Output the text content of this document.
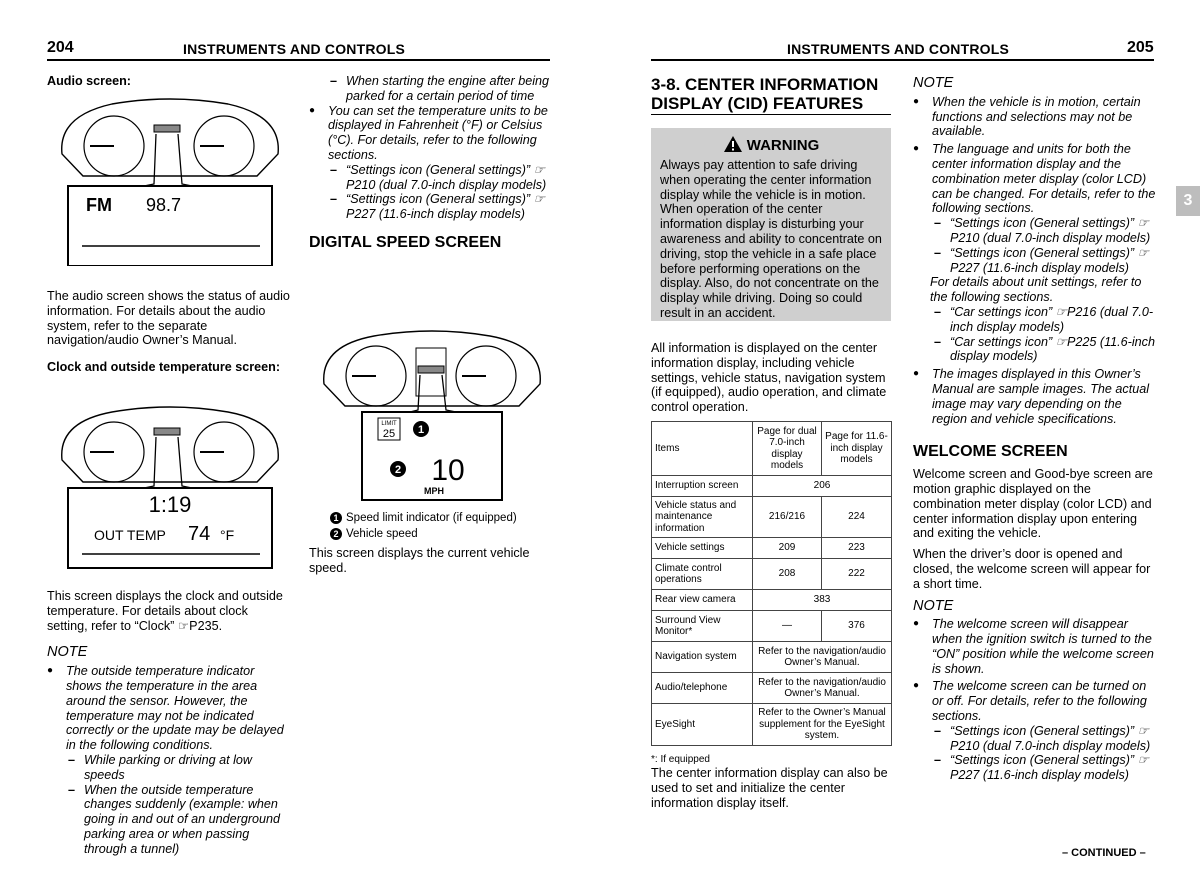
204	INSTRUMENTS AND CONTROLS
Audio screen:
FM 98.7
The audio screen shows the status of audio information. For details about the audio system, refer to the separate navigation/audio Owner’s Manual.
Clock and outside temperature screen:
1:19
OUT TEMP 74 °F
This screen displays the clock and outside temperature. For details about clock setting, refer to “Clock” ☞P235.
NOTE
● The outside temperature indicator shows the temperature in the area around the sensor. However, the temperature may not be indicated correctly or the update may be delayed in the following conditions.
– While parking or driving at low speeds
– When the outside temperature changes suddenly (example: when going in and out of an underground parking area or when passing through a tunnel)
– When starting the engine after being parked for a certain period of time
● You can set the temperature units to be displayed in Fahrenheit (°F) or Celsius (°C). For details, refer to the following sections.
– “Settings icon (General settings)” ☞P210 (dual 7.0-inch display models)
– “Settings icon (General settings)” ☞P227 (11.6-inch display models)
DIGITAL SPEED SCREEN
LIMIT
25 1
2 10
MPH
1 Speed limit indicator (if equipped)
2 Vehicle speed
This screen displays the current vehicle speed.
INSTRUMENTS AND CONTROLS	205
3-8. CENTER INFORMATION DISPLAY (CID) FEATURES
WARNING
Always pay attention to safe driving when operating the center information display while the vehicle is in motion. When operation of the center information display is disturbing your awareness and ability to concentrate on driving, stop the vehicle in a safe place before performing operations on the display. Also, do not concentrate on the display while driving. Doing so could result in an accident.
All information is displayed on the center information display, including vehicle settings, vehicle status, navigation system (if equipped), audio operation, and climate control operation.
Items	Page for dual 7.0-inch display models	Page for 11.6-inch display models
Interruption screen	206	
Vehicle status and maintenance information	216/216	224
Vehicle settings	209	223
Climate control operations	208	222
Rear view camera	383	
Surround View Monitor*	—	376
Navigation system	Refer to the navigation/audio Owner’s Manual.	
Audio/telephone	Refer to the navigation/audio Owner’s Manual.	
EyeSight	Refer to the Owner’s Manual supplement for the EyeSight system.	
*: If equipped
The center information display can also be used to set and initialize the center information display itself.
NOTE
● When the vehicle is in motion, certain functions and selections may not be available.
● The language and units for both the center information display and the combination meter display (color LCD) can be changed. For details, refer to the following sections.
– “Settings icon (General settings)” ☞P210 (dual 7.0-inch display models)
– “Settings icon (General settings)” ☞P227 (11.6-inch display models)
For details about unit settings, refer to the following sections.
– “Car settings icon” ☞P216 (dual 7.0-inch display models)
– “Car settings icon” ☞P225 (11.6-inch display models)
● The images displayed in this Owner’s Manual are sample images. The actual image may vary depending on the region and vehicle specifications.
WELCOME SCREEN
Welcome screen and Good-bye screen are motion graphic displayed on the combination meter display (color LCD) and center information display upon entering and exiting the vehicle.
When the driver’s door is opened and closed, the welcome screen will appear for a short time.
NOTE
● The welcome screen will disappear when the ignition switch is turned to the “ON” position while the welcome screen is shown.
● The welcome screen can be turned on or off. For details, refer to the following sections.
– “Settings icon (General settings)” ☞P210 (dual 7.0-inch display models)
– “Settings icon (General settings)” ☞P227 (11.6-inch display models)
3
– CONTINUED –
